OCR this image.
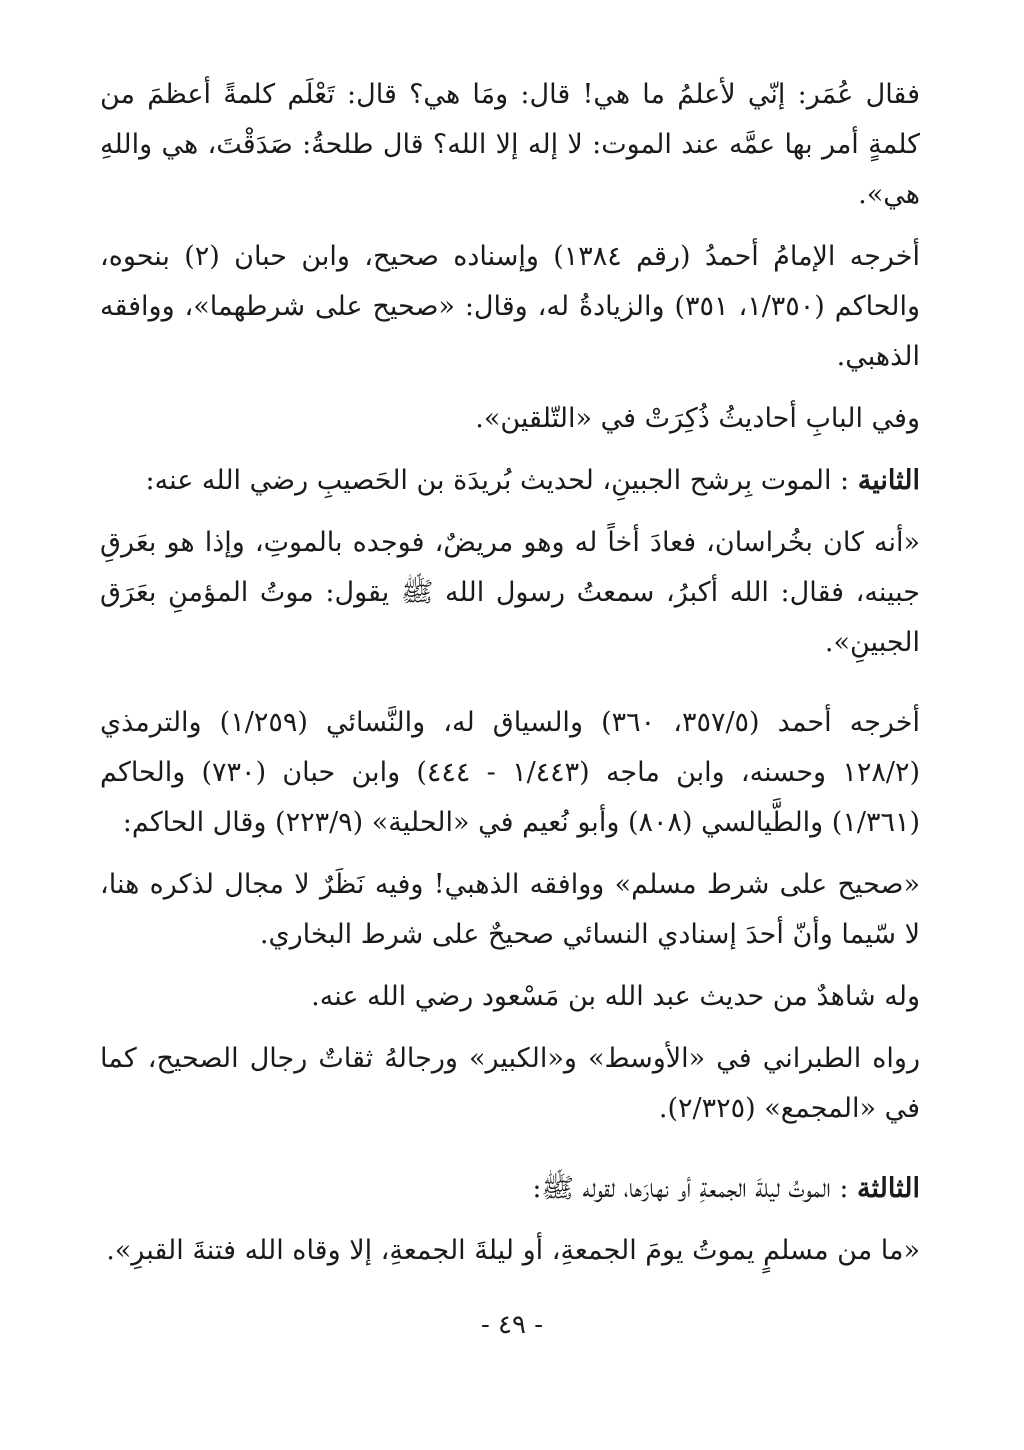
فقال عُمَر: إنّي لأعلمُ ما هي! قال: ومَا هي؟ قال: تَعْلَم كلمةً أعظمَ من كلمةٍ أمر بها عمَّه عند الموت: لا إله إلا الله؟ قال طلحةُ: صَدَقْتَ، هي واللهِ هي».

أخرجه الإمامُ أحمدُ (رقم ١٣٨٤) وإسناده صحيح، وابن حبان (٢) بنحوه، والحاكم (١/٣٥٠، ٣٥١) والزيادةُ له، وقال: «صحيح على شرطهما»، ووافقه الذهبي.

وفي البابِ أحاديثُ ذُكِرَتْ في «التّلقين».

الثانية : الموت بِرشح الجبينِ، لحديث بُريدَة بن الحَصيبِ رضي الله عنه:

«أنه كان بخُراسان، فعادَ أخاً له وهو مريضٌ، فوجده بالموتِ، وإذا هو بعَرقِ جبينه، فقال: الله أكبرُ، سمعتُ رسول الله ﷺ يقول: موتُ المؤمنِ بعَرَق الجبينِ».

أخرجه أحمد (٣٥٧/٥، ٣٦٠) والسياق له، والنَّسائي (١/٢٥٩) والترمذي (١٢٨/٢ وحسنه، وابن ماجه (١/٤٤٣ - ٤٤٤) وابن حبان (٧٣٠) والحاكم (١/٣٦١) والطَّيالسي (٨٠٨) وأبو نُعيم في «الحلية» (٢٢٣/٩) وقال الحاكم:

«صحيح على شرط مسلم» ووافقه الذهبي! وفيه نَظَرٌ لا مجال لذكره هنا، لا سّيما وأنّ أحدَ إسنادي النسائي صحيحٌ على شرط البخاري.

وله شاهدٌ من حديث عبد الله بن مَسْعود رضي الله عنه.

رواه الطبراني في «الأوسط» و«الكبير» ورجالهُ ثقاتٌ رجال الصحيح، كما في «المجمع» (٢/٣٢٥).

الثالثة : الموتُ ليلةَ الجمعةِ أو نهارَها، لقوله ﷺ:

«ما من مسلمٍ يموتُ يومَ الجمعةِ، أو ليلةَ الجمعةِ، إلا وقاه الله فتنةَ القبرِ».

- ٤٩ -
